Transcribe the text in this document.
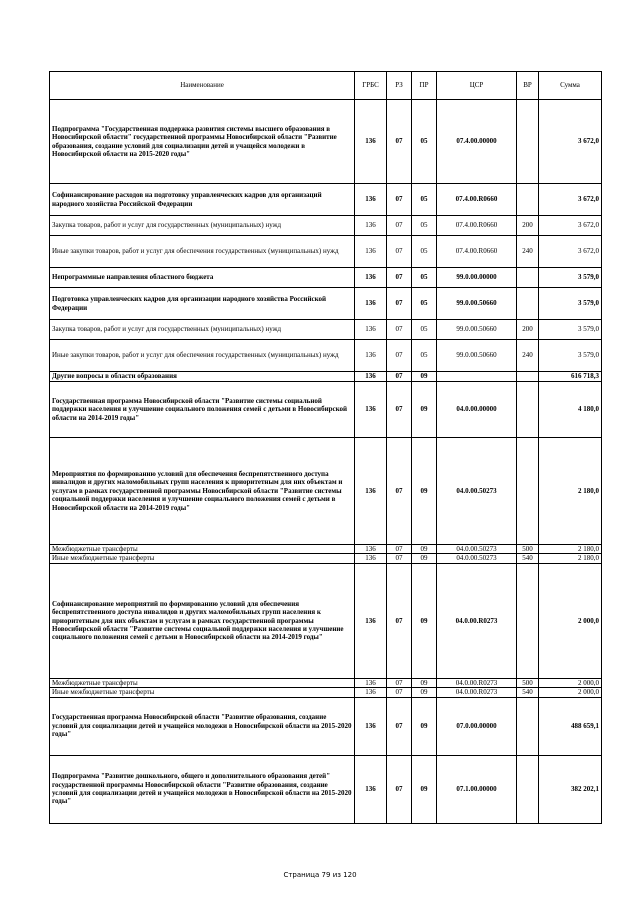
Наименование	ГРБС	РЗ	ПР	ЦСР	ВР	Сумма
Подпрограмма "Государственная поддержка развития системы высшего образования в Новосибирской области" государственной программы Новосибирской области "Развитие образования, создание условий для социализации детей и учащейся молодежи в Новосибирской области на 2015-2020 годы"	136	07	05	07.4.00.00000		3 672,0
Софинансирование расходов на подготовку управленческих кадров для организаций народного хозяйства Российской Федерации	136	07	05	07.4.00.R0660		3 672,0
Закупка товаров, работ и услуг для государственных (муниципальных) нужд	136	07	05	07.4.00.R0660	200	3 672,0
Иные закупки товаров, работ и услуг для обеспечения государственных (муниципальных) нужд	136	07	05	07.4.00.R0660	240	3 672,0
Непрограммные направления областного бюджета	136	07	05	99.0.00.00000		3 579,0
Подготовка управленческих кадров для организации народного хозяйства Российской Федерации	136	07	05	99.0.00.50660		3 579,0
Закупка товаров, работ и услуг для государственных (муниципальных) нужд	136	07	05	99.0.00.50660	200	3 579,0
Иные закупки товаров, работ и услуг для обеспечения государственных (муниципальных) нужд	136	07	05	99.0.00.50660	240	3 579,0
Другие вопросы в области образования	136	07	09			616 718,3
Государственная программа Новосибирской области "Развитие системы социальной поддержки населения и улучшение социального положения семей с детьми в Новосибирской области на 2014-2019 годы"	136	07	09	04.0.00.00000		4 180,0
Мероприятия по формированию условий для обеспечения беспрепятственного доступа инвалидов и других маломобильных групп населения к приоритетным для них объектам и услугам в рамках государственной программы Новосибирской области "Развитие системы социальной поддержки населения и улучшение социального положения семей с детьми в Новосибирской области на 2014-2019 годы"	136	07	09	04.0.00.50273		2 180,0
Межбюджетные трансферты	136	07	09	04.0.00.50273	500	2 180,0
Иные межбюджетные трансферты	136	07	09	04.0.00.50273	540	2 180,0
Софинансирование мероприятий по формированию условий для обеспечения беспрепятственного доступа инвалидов и других маломобильных групп населения к приоритетным для них объектам и услугам в рамках государственной программы Новосибирской области "Развитие системы социальной поддержки населения и улучшение социального положения семей с детьми в Новосибирской области на 2014-2019 годы"	136	07	09	04.0.00.R0273		2 000,0
Межбюджетные трансферты	136	07	09	04.0.00.R0273	500	2 000,0
Иные межбюджетные трансферты	136	07	09	04.0.00.R0273	540	2 000,0
Государственная программа Новосибирской области "Развитие образования, создание условий для социализации детей и учащейся молодежи в Новосибирской области на 2015-2020 годы"	136	07	09	07.0.00.00000		488 659,1
Подпрограмма "Развитие дошкольного, общего и дополнительного образования детей" государственной программы Новосибирской области "Развитие образования, создание условий для социализации детей и учащейся молодежи в Новосибирской области на 2015-2020 годы"	136	07	09	07.1.00.00000		382 202,1
Страница 79 из 120
